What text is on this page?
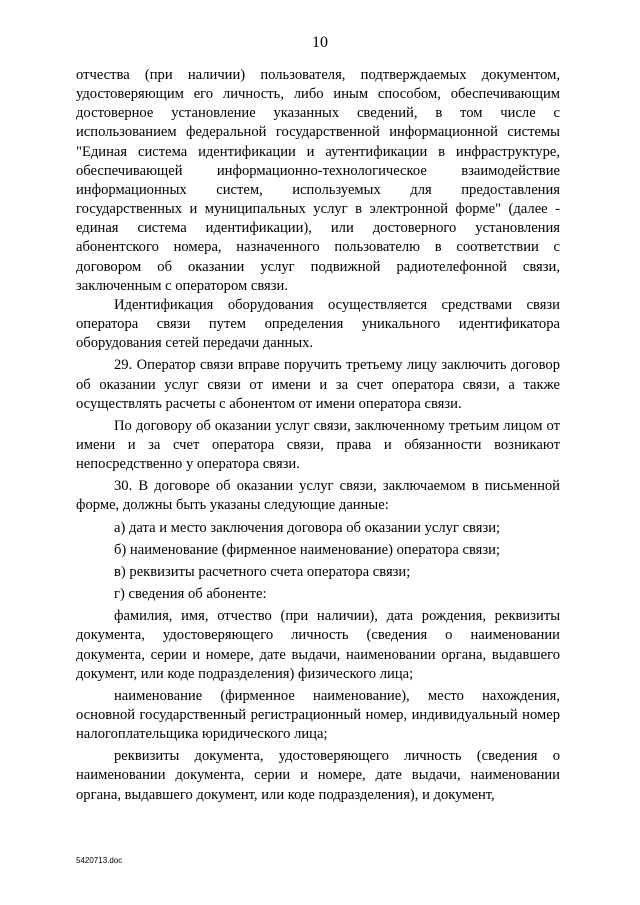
10

отчества (при наличии) пользователя, подтверждаемых документом, удостоверяющим его личность, либо иным способом, обеспечивающим достоверное установление указанных сведений, в том числе с использованием федеральной государственной информационной системы "Единая система идентификации и аутентификации в инфраструктуре, обеспечивающей информационно-технологическое взаимодействие информационных систем, используемых для предоставления государственных и муниципальных услуг в электронной форме" (далее - единая система идентификации), или достоверного установления абонентского номера, назначенного пользователю в соответствии с договором об оказании услуг подвижной радиотелефонной связи, заключенным с оператором связи.

Идентификация оборудования осуществляется средствами связи оператора связи путем определения уникального идентификатора оборудования сетей передачи данных.

29. Оператор связи вправе поручить третьему лицу заключить договор об оказании услуг связи от имени и за счет оператора связи, а также осуществлять расчеты с абонентом от имени оператора связи.

По договору об оказании услуг связи, заключенному третьим лицом от имени и за счет оператора связи, права и обязанности возникают непосредственно у оператора связи.

30. В договоре об оказании услуг связи, заключаемом в письменной форме, должны быть указаны следующие данные:

а) дата и место заключения договора об оказании услуг связи;

б) наименование (фирменное наименование) оператора связи;

в) реквизиты расчетного счета оператора связи;

г) сведения об абоненте:

фамилия, имя, отчество (при наличии), дата рождения, реквизиты документа, удостоверяющего личность (сведения о наименовании документа, серии и номере, дате выдачи, наименовании органа, выдавшего документ, или коде подразделения) физического лица;

наименование (фирменное наименование), место нахождения, основной государственный регистрационный номер, индивидуальный номер налогоплательщика юридического лица;

реквизиты документа, удостоверяющего личность (сведения о наименовании документа, серии и номере, дате выдачи, наименовании органа, выдавшего документ, или коде подразделения), и документ,

5420713.doc
